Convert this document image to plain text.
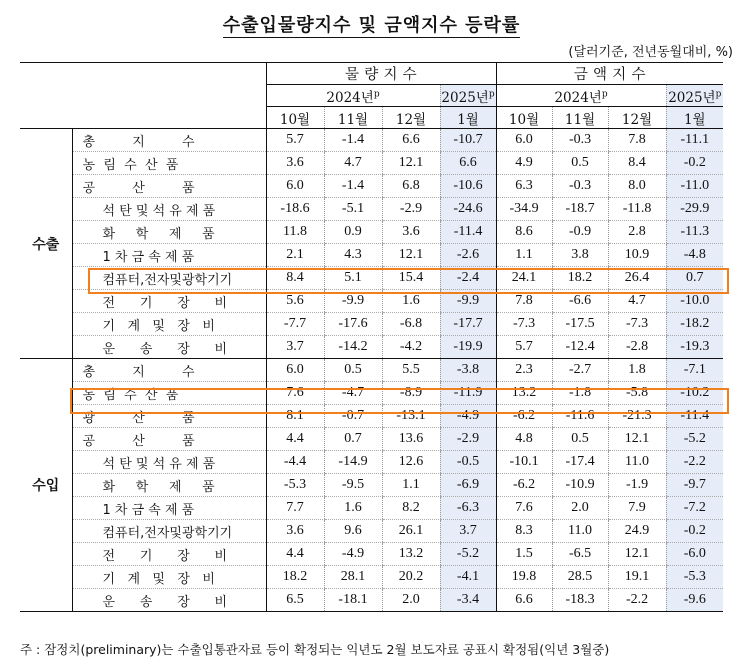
수출입물량지수 및 금액지수 등락률
(달러기준, 전년동월대비, %)
		물 량 지 수				금 액 지 수			
		2024년$^p$			2025년$^p$	2024년$^p$			2025년$^p$
		10월	11월	12월	1월	10월	11월	12월	1월
수출	총         지         수	5.7	-1.4	6.6	-10.7	6.0	-0.3	7.8	-11.1
	농  림  수  산  품	3.6	4.7	12.1	6.6	4.9	0.5	8.4	-0.2
	공         산         품	6.0	-1.4	6.8	-10.6	6.3	-0.3	8.0	-11.0
	석 탄 및 석 유 제 품	-18.6	-5.1	-2.9	-24.6	-34.9	-18.7	-11.8	-29.9
	화     학     제     품	11.8	0.9	3.6	-11.4	8.6	-0.9	2.8	-11.3
	1 차 금 속 제 품	2.1	4.3	12.1	-2.6	1.1	3.8	10.9	-4.8
	컴퓨터,전자및광학기기	8.4	5.1	15.4	-2.4	24.1	18.2	26.4	0.7
	전      기      장      비	5.6	-9.9	1.6	-9.9	7.8	-6.6	4.7	-10.0
	기   계   및   장   비	-7.7	-17.6	-6.8	-17.7	-7.3	-17.5	-7.3	-18.2
	운      송      장      비	3.7	-14.2	-4.2	-19.9	5.7	-12.4	-2.8	-19.3
수입	총         지         수	6.0	0.5	5.5	-3.8	2.3	-2.7	1.8	-7.1
	농  림  수  산  품	7.6	-4.7	-8.9	-11.9	13.2	-1.8	-5.8	-10.2
	광         산         품	8.1	-0.7	-13.1	-4.9	-6.2	-11.6	-21.3	-11.4
	공         산         품	4.4	0.7	13.6	-2.9	4.8	0.5	12.1	-5.2
	석 탄 및 석 유 제 품	-4.4	-14.9	12.6	-0.5	-10.1	-17.4	11.0	-2.2
	화     학     제     품	-5.3	-9.5	1.1	-6.9	-6.2	-10.9	-1.9	-9.7
	1 차 금 속 제 품	7.7	1.6	8.2	-6.3	7.6	2.0	7.9	-7.2
	컴퓨터,전자및광학기기	3.6	9.6	26.1	3.7	8.3	11.0	24.9	-0.2
	전      기      장      비	4.4	-4.9	13.2	-5.2	1.5	-6.5	12.1	-6.0
	기   계   및   장   비	18.2	28.1	20.2	-4.1	19.8	28.5	19.1	-5.3
	운      송      장      비	6.5	-18.1	2.0	-3.4	6.6	-18.3	-2.2	-9.6
주 : 잠정치(preliminary)는 수출입통관자료 등이 확정되는 익년도 2월 보도자료 공표시 확정됨(익년 3월중)
